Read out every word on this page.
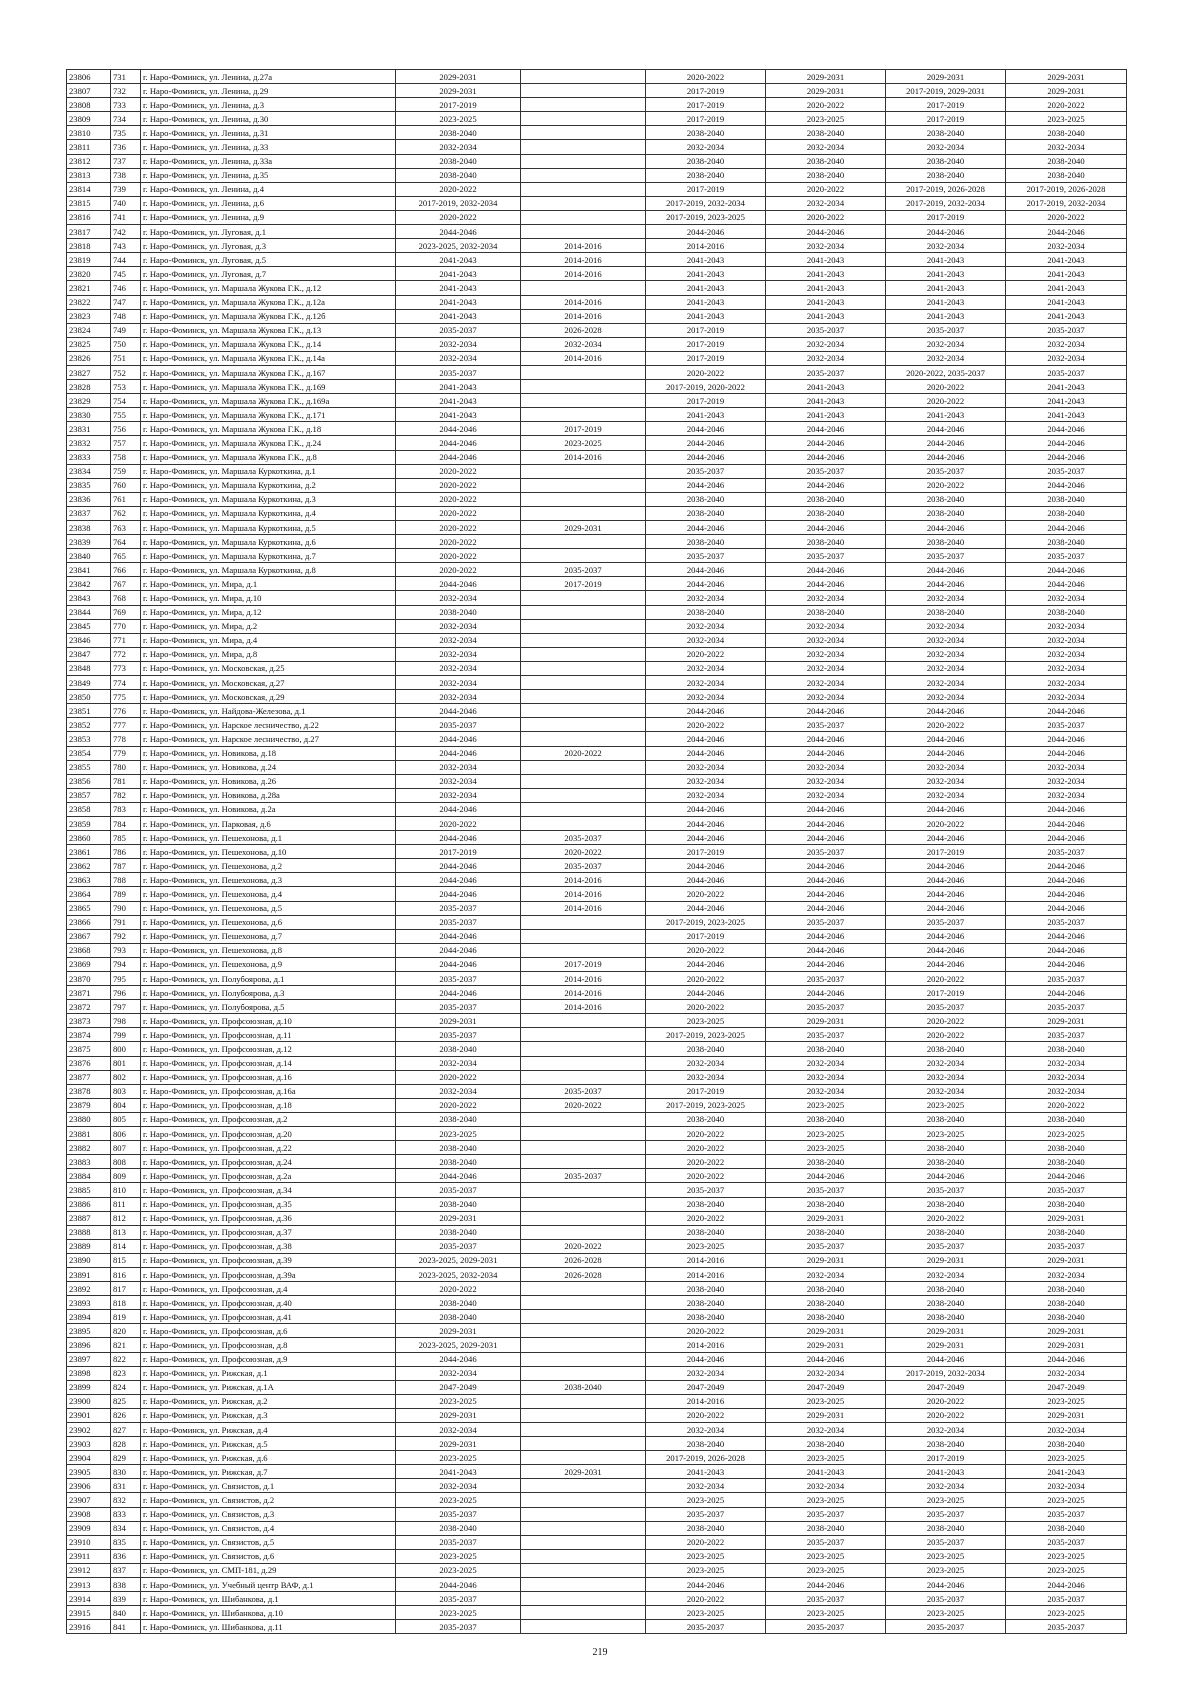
23806	731	г. Наро-Фоминск, ул. Ленина, д.27а	2029-2031		2020-2022	2029-2031	2029-2031	2029-2031
23807	732	г. Наро-Фоминск, ул. Ленина, д.29	2029-2031		2017-2019	2029-2031	2017-2019, 2029-2031	2029-2031
23808	733	г. Наро-Фоминск, ул. Ленина, д.3	2017-2019		2017-2019	2020-2022	2017-2019	2020-2022
23809	734	г. Наро-Фоминск, ул. Ленина, д.30	2023-2025		2017-2019	2023-2025	2017-2019	2023-2025
23810	735	г. Наро-Фоминск, ул. Ленина, д.31	2038-2040		2038-2040	2038-2040	2038-2040	2038-2040
23811	736	г. Наро-Фоминск, ул. Ленина, д.33	2032-2034		2032-2034	2032-2034	2032-2034	2032-2034
23812	737	г. Наро-Фоминск, ул. Ленина, д.33а	2038-2040		2038-2040	2038-2040	2038-2040	2038-2040
23813	738	г. Наро-Фоминск, ул. Ленина, д.35	2038-2040		2038-2040	2038-2040	2038-2040	2038-2040
23814	739	г. Наро-Фоминск, ул. Ленина, д.4	2020-2022		2017-2019	2020-2022	2017-2019, 2026-2028	2017-2019, 2026-2028
23815	740	г. Наро-Фоминск, ул. Ленина, д.6	2017-2019, 2032-2034		2017-2019, 2032-2034	2032-2034	2017-2019, 2032-2034	2017-2019, 2032-2034
23816	741	г. Наро-Фоминск, ул. Ленина, д.9	2020-2022		2017-2019, 2023-2025	2020-2022	2017-2019	2020-2022
23817	742	г. Наро-Фоминск, ул. Луговая, д.1	2044-2046		2044-2046	2044-2046	2044-2046	2044-2046
23818	743	г. Наро-Фоминск, ул. Луговая, д.3	2023-2025, 2032-2034	2014-2016	2014-2016	2032-2034	2032-2034	2032-2034
23819	744	г. Наро-Фоминск, ул. Луговая, д.5	2041-2043	2014-2016	2041-2043	2041-2043	2041-2043	2041-2043
23820	745	г. Наро-Фоминск, ул. Луговая, д.7	2041-2043	2014-2016	2041-2043	2041-2043	2041-2043	2041-2043
23821	746	г. Наро-Фоминск, ул. Маршала Жукова Г.К., д.12	2041-2043		2041-2043	2041-2043	2041-2043	2041-2043
23822	747	г. Наро-Фоминск, ул. Маршала Жукова Г.К., д.12а	2041-2043	2014-2016	2041-2043	2041-2043	2041-2043	2041-2043
23823	748	г. Наро-Фоминск, ул. Маршала Жукова Г.К., д.12б	2041-2043	2014-2016	2041-2043	2041-2043	2041-2043	2041-2043
23824	749	г. Наро-Фоминск, ул. Маршала Жукова Г.К., д.13	2035-2037	2026-2028	2017-2019	2035-2037	2035-2037	2035-2037
23825	750	г. Наро-Фоминск, ул. Маршала Жукова Г.К., д.14	2032-2034	2032-2034	2017-2019	2032-2034	2032-2034	2032-2034
23826	751	г. Наро-Фоминск, ул. Маршала Жукова Г.К., д.14а	2032-2034	2014-2016	2017-2019	2032-2034	2032-2034	2032-2034
23827	752	г. Наро-Фоминск, ул. Маршала Жукова Г.К., д.167	2035-2037		2020-2022	2035-2037	2020-2022, 2035-2037	2035-2037
23828	753	г. Наро-Фоминск, ул. Маршала Жукова Г.К., д.169	2041-2043		2017-2019, 2020-2022	2041-2043	2020-2022	2041-2043
23829	754	г. Наро-Фоминск, ул. Маршала Жукова Г.К., д.169а	2041-2043		2017-2019	2041-2043	2020-2022	2041-2043
23830	755	г. Наро-Фоминск, ул. Маршала Жукова Г.К., д.171	2041-2043		2041-2043	2041-2043	2041-2043	2041-2043
23831	756	г. Наро-Фоминск, ул. Маршала Жукова Г.К., д.18	2044-2046	2017-2019	2044-2046	2044-2046	2044-2046	2044-2046
23832	757	г. Наро-Фоминск, ул. Маршала Жукова Г.К., д.24	2044-2046	2023-2025	2044-2046	2044-2046	2044-2046	2044-2046
23833	758	г. Наро-Фоминск, ул. Маршала Жукова Г.К., д.8	2044-2046	2014-2016	2044-2046	2044-2046	2044-2046	2044-2046
23834	759	г. Наро-Фоминск, ул. Маршала Куркоткина, д.1	2020-2022		2035-2037	2035-2037	2035-2037	2035-2037
23835	760	г. Наро-Фоминск, ул. Маршала Куркоткина, д.2	2020-2022		2044-2046	2044-2046	2020-2022	2044-2046
23836	761	г. Наро-Фоминск, ул. Маршала Куркоткина, д.3	2020-2022		2038-2040	2038-2040	2038-2040	2038-2040
23837	762	г. Наро-Фоминск, ул. Маршала Куркоткина, д.4	2020-2022		2038-2040	2038-2040	2038-2040	2038-2040
23838	763	г. Наро-Фоминск, ул. Маршала Куркоткина, д.5	2020-2022	2029-2031	2044-2046	2044-2046	2044-2046	2044-2046
23839	764	г. Наро-Фоминск, ул. Маршала Куркоткина, д.6	2020-2022		2038-2040	2038-2040	2038-2040	2038-2040
23840	765	г. Наро-Фоминск, ул. Маршала Куркоткина, д.7	2020-2022		2035-2037	2035-2037	2035-2037	2035-2037
23841	766	г. Наро-Фоминск, ул. Маршала Куркоткина, д.8	2020-2022	2035-2037	2044-2046	2044-2046	2044-2046	2044-2046
23842	767	г. Наро-Фоминск, ул. Мира, д.1	2044-2046	2017-2019	2044-2046	2044-2046	2044-2046	2044-2046
23843	768	г. Наро-Фоминск, ул. Мира, д.10	2032-2034		2032-2034	2032-2034	2032-2034	2032-2034
23844	769	г. Наро-Фоминск, ул. Мира, д.12	2038-2040		2038-2040	2038-2040	2038-2040	2038-2040
23845	770	г. Наро-Фоминск, ул. Мира, д.2	2032-2034		2032-2034	2032-2034	2032-2034	2032-2034
23846	771	г. Наро-Фоминск, ул. Мира, д.4	2032-2034		2032-2034	2032-2034	2032-2034	2032-2034
23847	772	г. Наро-Фоминск, ул. Мира, д.8	2032-2034		2020-2022	2032-2034	2032-2034	2032-2034
23848	773	г. Наро-Фоминск, ул. Московская, д.25	2032-2034		2032-2034	2032-2034	2032-2034	2032-2034
23849	774	г. Наро-Фоминск, ул. Московская, д.27	2032-2034		2032-2034	2032-2034	2032-2034	2032-2034
23850	775	г. Наро-Фоминск, ул. Московская, д.29	2032-2034		2032-2034	2032-2034	2032-2034	2032-2034
23851	776	г. Наро-Фоминск, ул. Найдова-Железова, д.1	2044-2046		2044-2046	2044-2046	2044-2046	2044-2046
23852	777	г. Наро-Фоминск, ул. Нарское лесничество, д.22	2035-2037		2020-2022	2035-2037	2020-2022	2035-2037
23853	778	г. Наро-Фоминск, ул. Нарское лесничество, д.27	2044-2046		2044-2046	2044-2046	2044-2046	2044-2046
23854	779	г. Наро-Фоминск, ул. Новикова, д.18	2044-2046	2020-2022	2044-2046	2044-2046	2044-2046	2044-2046
23855	780	г. Наро-Фоминск, ул. Новикова, д.24	2032-2034		2032-2034	2032-2034	2032-2034	2032-2034
23856	781	г. Наро-Фоминск, ул. Новикова, д.26	2032-2034		2032-2034	2032-2034	2032-2034	2032-2034
23857	782	г. Наро-Фоминск, ул. Новикова, д.28а	2032-2034		2032-2034	2032-2034	2032-2034	2032-2034
23858	783	г. Наро-Фоминск, ул. Новикова, д.2а	2044-2046		2044-2046	2044-2046	2044-2046	2044-2046
23859	784	г. Наро-Фоминск, ул. Парковая, д.6	2020-2022		2044-2046	2044-2046	2020-2022	2044-2046
23860	785	г. Наро-Фоминск, ул. Пешехонова, д.1	2044-2046	2035-2037	2044-2046	2044-2046	2044-2046	2044-2046
23861	786	г. Наро-Фоминск, ул. Пешехонова, д.10	2017-2019	2020-2022	2017-2019	2035-2037	2017-2019	2035-2037
23862	787	г. Наро-Фоминск, ул. Пешехонова, д.2	2044-2046	2035-2037	2044-2046	2044-2046	2044-2046	2044-2046
23863	788	г. Наро-Фоминск, ул. Пешехонова, д.3	2044-2046	2014-2016	2044-2046	2044-2046	2044-2046	2044-2046
23864	789	г. Наро-Фоминск, ул. Пешехонова, д.4	2044-2046	2014-2016	2020-2022	2044-2046	2044-2046	2044-2046
23865	790	г. Наро-Фоминск, ул. Пешехонова, д.5	2035-2037	2014-2016	2044-2046	2044-2046	2044-2046	2044-2046
23866	791	г. Наро-Фоминск, ул. Пешехонова, д.6	2035-2037		2017-2019, 2023-2025	2035-2037	2035-2037	2035-2037
23867	792	г. Наро-Фоминск, ул. Пешехонова, д.7	2044-2046		2017-2019	2044-2046	2044-2046	2044-2046
23868	793	г. Наро-Фоминск, ул. Пешехонова, д.8	2044-2046		2020-2022	2044-2046	2044-2046	2044-2046
23869	794	г. Наро-Фоминск, ул. Пешехонова, д.9	2044-2046	2017-2019	2044-2046	2044-2046	2044-2046	2044-2046
23870	795	г. Наро-Фоминск, ул. Полубоярова, д.1	2035-2037	2014-2016	2020-2022	2035-2037	2020-2022	2035-2037
23871	796	г. Наро-Фоминск, ул. Полубоярова, д.3	2044-2046	2014-2016	2044-2046	2044-2046	2017-2019	2044-2046
23872	797	г. Наро-Фоминск, ул. Полубоярова, д.5	2035-2037	2014-2016	2020-2022	2035-2037	2035-2037	2035-2037
23873	798	г. Наро-Фоминск, ул. Профсоюзная, д.10	2029-2031		2023-2025	2029-2031	2020-2022	2029-2031
23874	799	г. Наро-Фоминск, ул. Профсоюзная, д.11	2035-2037		2017-2019, 2023-2025	2035-2037	2020-2022	2035-2037
23875	800	г. Наро-Фоминск, ул. Профсоюзная, д.12	2038-2040		2038-2040	2038-2040	2038-2040	2038-2040
23876	801	г. Наро-Фоминск, ул. Профсоюзная, д.14	2032-2034		2032-2034	2032-2034	2032-2034	2032-2034
23877	802	г. Наро-Фоминск, ул. Профсоюзная, д.16	2020-2022		2032-2034	2032-2034	2032-2034	2032-2034
23878	803	г. Наро-Фоминск, ул. Профсоюзная, д.16а	2032-2034	2035-2037	2017-2019	2032-2034	2032-2034	2032-2034
23879	804	г. Наро-Фоминск, ул. Профсоюзная, д.18	2020-2022	2020-2022	2017-2019, 2023-2025	2023-2025	2023-2025	2020-2022
23880	805	г. Наро-Фоминск, ул. Профсоюзная, д.2	2038-2040		2038-2040	2038-2040	2038-2040	2038-2040
23881	806	г. Наро-Фоминск, ул. Профсоюзная, д.20	2023-2025		2020-2022	2023-2025	2023-2025	2023-2025
23882	807	г. Наро-Фоминск, ул. Профсоюзная, д.22	2038-2040		2020-2022	2023-2025	2038-2040	2038-2040
23883	808	г. Наро-Фоминск, ул. Профсоюзная, д.24	2038-2040		2020-2022	2038-2040	2038-2040	2038-2040
23884	809	г. Наро-Фоминск, ул. Профсоюзная, д.2а	2044-2046	2035-2037	2020-2022	2044-2046	2044-2046	2044-2046
23885	810	г. Наро-Фоминск, ул. Профсоюзная, д.34	2035-2037		2035-2037	2035-2037	2035-2037	2035-2037
23886	811	г. Наро-Фоминск, ул. Профсоюзная, д.35	2038-2040		2038-2040	2038-2040	2038-2040	2038-2040
23887	812	г. Наро-Фоминск, ул. Профсоюзная, д.36	2029-2031		2020-2022	2029-2031	2020-2022	2029-2031
23888	813	г. Наро-Фоминск, ул. Профсоюзная, д.37	2038-2040		2038-2040	2038-2040	2038-2040	2038-2040
23889	814	г. Наро-Фоминск, ул. Профсоюзная, д.38	2035-2037	2020-2022	2023-2025	2035-2037	2035-2037	2035-2037
23890	815	г. Наро-Фоминск, ул. Профсоюзная, д.39	2023-2025, 2029-2031	2026-2028	2014-2016	2029-2031	2029-2031	2029-2031
23891	816	г. Наро-Фоминск, ул. Профсоюзная, д.39а	2023-2025, 2032-2034	2026-2028	2014-2016	2032-2034	2032-2034	2032-2034
23892	817	г. Наро-Фоминск, ул. Профсоюзная, д.4	2020-2022		2038-2040	2038-2040	2038-2040	2038-2040
23893	818	г. Наро-Фоминск, ул. Профсоюзная, д.40	2038-2040		2038-2040	2038-2040	2038-2040	2038-2040
23894	819	г. Наро-Фоминск, ул. Профсоюзная, д.41	2038-2040		2038-2040	2038-2040	2038-2040	2038-2040
23895	820	г. Наро-Фоминск, ул. Профсоюзная, д.6	2029-2031		2020-2022	2029-2031	2029-2031	2029-2031
23896	821	г. Наро-Фоминск, ул. Профсоюзная, д.8	2023-2025, 2029-2031		2014-2016	2029-2031	2029-2031	2029-2031
23897	822	г. Наро-Фоминск, ул. Профсоюзная, д.9	2044-2046		2044-2046	2044-2046	2044-2046	2044-2046
23898	823	г. Наро-Фоминск, ул. Рижская, д.1	2032-2034		2032-2034	2032-2034	2017-2019, 2032-2034	2032-2034
23899	824	г. Наро-Фоминск, ул. Рижская, д.1А	2047-2049	2038-2040	2047-2049	2047-2049	2047-2049	2047-2049
23900	825	г. Наро-Фоминск, ул. Рижская, д.2	2023-2025		2014-2016	2023-2025	2020-2022	2023-2025
23901	826	г. Наро-Фоминск, ул. Рижская, д.3	2029-2031		2020-2022	2029-2031	2020-2022	2029-2031
23902	827	г. Наро-Фоминск, ул. Рижская, д.4	2032-2034		2032-2034	2032-2034	2032-2034	2032-2034
23903	828	г. Наро-Фоминск, ул. Рижская, д.5	2029-2031		2038-2040	2038-2040	2038-2040	2038-2040
23904	829	г. Наро-Фоминск, ул. Рижская, д.6	2023-2025		2017-2019, 2026-2028	2023-2025	2017-2019	2023-2025
23905	830	г. Наро-Фоминск, ул. Рижская, д.7	2041-2043	2029-2031	2041-2043	2041-2043	2041-2043	2041-2043
23906	831	г. Наро-Фоминск, ул. Связистов, д.1	2032-2034		2032-2034	2032-2034	2032-2034	2032-2034
23907	832	г. Наро-Фоминск, ул. Связистов, д.2	2023-2025		2023-2025	2023-2025	2023-2025	2023-2025
23908	833	г. Наро-Фоминск, ул. Связистов, д.3	2035-2037		2035-2037	2035-2037	2035-2037	2035-2037
23909	834	г. Наро-Фоминск, ул. Связистов, д.4	2038-2040		2038-2040	2038-2040	2038-2040	2038-2040
23910	835	г. Наро-Фоминск, ул. Связистов, д.5	2035-2037		2020-2022	2035-2037	2035-2037	2035-2037
23911	836	г. Наро-Фоминск, ул. Связистов, д.6	2023-2025		2023-2025	2023-2025	2023-2025	2023-2025
23912	837	г. Наро-Фоминск, ул. СМП-181, д.29	2023-2025		2023-2025	2023-2025	2023-2025	2023-2025
23913	838	г. Наро-Фоминск, ул. Учебный центр ВАФ, д.1	2044-2046		2044-2046	2044-2046	2044-2046	2044-2046
23914	839	г. Наро-Фоминск, ул. Шибанкова, д.1	2035-2037		2020-2022	2035-2037	2035-2037	2035-2037
23915	840	г. Наро-Фоминск, ул. Шибанкова, д.10	2023-2025		2023-2025	2023-2025	2023-2025	2023-2025
23916	841	г. Наро-Фоминск, ул. Шибанкова, д.11	2035-2037		2035-2037	2035-2037	2035-2037	2035-2037
219
